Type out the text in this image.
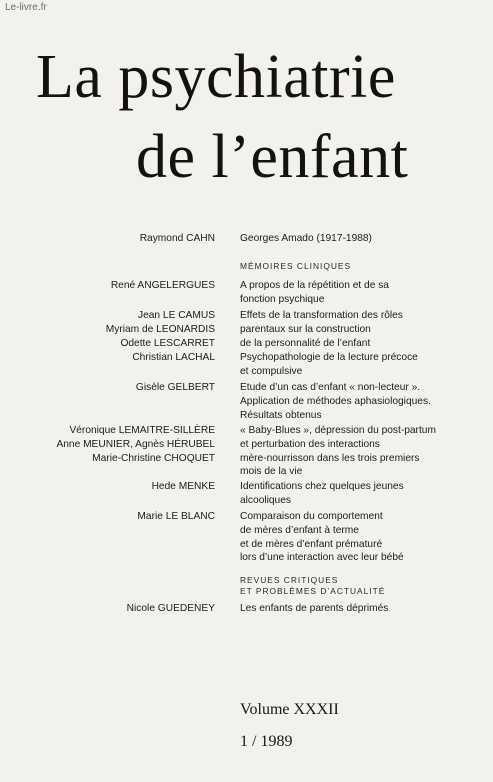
Le-livre.fr
La psychiatrie
de l’enfant
Raymond CAHN Georges Amado (1917-1988)
MÉMOIRES CLINIQUES
René ANGELERGUES A propos de la répétition et de sa
fonction psychique
Jean LE CAMUS
Myriam de LEONARDIS
Odette LESCARRET
Effets de la transformation des rôles
parentaux sur la construction
de la personnalité de l’enfant
Christian LACHAL Psychopathologie de la lecture précoce
et compulsive
Gisèle GELBERT Etude d’un cas d’enfant « non-lecteur ».
Application de méthodes aphasiologiques.
Résultats obtenus
Véronique LEMAITRE-SILLÈRE
Anne MEUNIER, Agnès HÉRUBEL
Marie-Christine CHOQUET
« Baby-Blues », dépression du post-partum
et perturbation des interactions
mère-nourrisson dans les trois premiers
mois de la vie
Hede MENKE Identifications chez quelques jeunes
alcooliques
Marie LE BLANC Comparaison du comportement
de mères d’enfant à terme
et de mères d’enfant prématuré
lors d’une interaction avec leur bébé
REVUES CRITIQUES
ET PROBLÈMES D’ACTUALITÉ
Nicole GUEDENEY Les enfants de parents déprimés
Volume XXXII
1 / 1989
